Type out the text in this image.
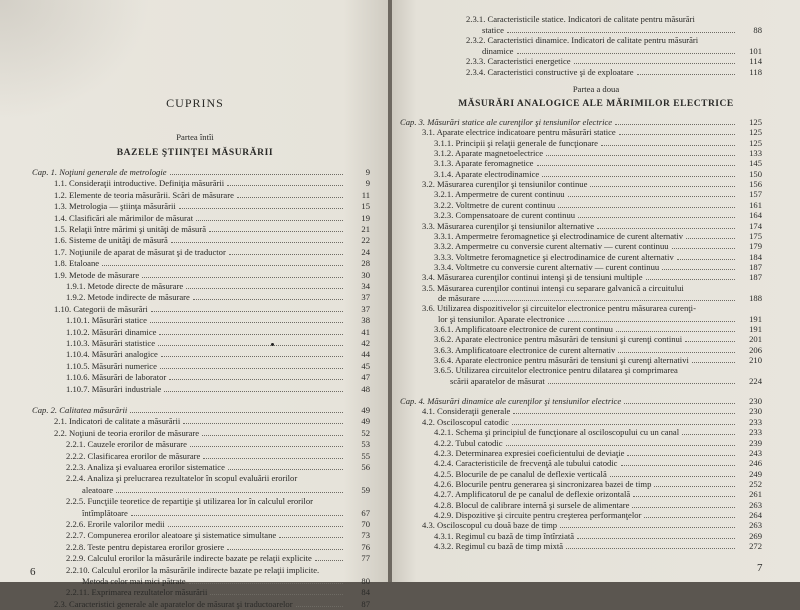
CUPRINS
Partea întîi
BAZELE ŞTIINŢEI MĂSURĂRII
Cap. 1. Noţiuni generale de metrologie	9
1.1. Consideraţii introductive. Definiţia măsurării	9
1.2. Elemente de teoria măsurării. Scări de măsurare	11
1.3. Metrologia — ştiinţa măsurării	15
1.4. Clasificări ale mărimilor de măsurat	19
1.5. Relaţii între mărimi şi unităţi de măsură	21
1.6. Sisteme de unităţi de măsură	22
1.7. Noţiunile de aparat de măsurat şi de traductor	24
1.8. Etaloane	28
1.9. Metode de măsurare	30
1.9.1. Metode directe de măsurare	34
1.9.2. Metode indirecte de măsurare	37
1.10. Categorii de măsurări	37
1.10.1. Măsurări statice	38
1.10.2. Măsurări dinamice	41
1.10.3. Măsurări statistice	42
1.10.4. Măsurări analogice	44
1.10.5. Măsurări numerice	45
1.10.6. Măsurări de laborator	47
1.10.7. Măsurări industriale	48
Cap. 2. Calitatea măsurării	49
2.1. Indicatori de calitate a măsurării	49
2.2. Noţiuni de teoria erorilor de măsurare	52
2.2.1. Cauzele erorilor de măsurare	53
2.2.2. Clasificarea erorilor de măsurare	55
2.2.3. Analiza şi evaluarea erorilor sistematice	56
2.2.4. Analiza şi prelucrarea rezultatelor în scopul evaluării erorilor
aleatoare	59
2.2.5. Funcţiile teoretice de repartiţie şi utilizarea lor în calculul erorilor
întîmplătoare	67
2.2.6. Erorile valorilor medii	70
2.2.7. Compunerea erorilor aleatoare şi sistematice simultane	73
2.2.8. Teste pentru depistarea erorilor grosiere	76
2.2.9. Calculul erorilor la măsurările indirecte bazate pe relaţii explicite	77
2.2.10. Calculul erorilor la măsurările indirecte bazate pe relaţii implicite.
Metoda celor mai mici pătrate	80
2.2.11. Exprimarea rezultatelor măsurării	84
2.3. Caracteristici generale ale aparatelor de măsurat şi traductoarelor	87
6
2.3.1. Caracteristicile statice. Indicatori de calitate pentru măsurări
statice	88
2.3.2. Caracteristici dinamice. Indicatori de calitate pentru măsurări
dinamice	101
2.3.3. Caracteristici energetice	114
2.3.4. Caracteristici constructive şi de exploatare	118
Partea a doua
MĂSURĂRI ANALOGICE ALE MĂRIMILOR ELECTRICE
Cap. 3. Măsurări statice ale curenţilor şi tensiunilor electrice	125
3.1. Aparate electrice indicatoare pentru măsurări statice	125
3.1.1. Principii şi relaţii generale de funcţionare	125
3.1.2. Aparate magnetoelectrice	133
3.1.3. Aparate feromagnetice	145
3.1.4. Aparate electrodinamice	150
3.2. Măsurarea curenţilor şi tensiunilor continue	156
3.2.1. Ampermetre de curent continuu	157
3.2.2. Voltmetre de curent continuu	161
3.2.3. Compensatoare de curent continuu	164
3.3. Măsurarea curenţilor şi tensiunilor alternative	174
3.3.1. Ampermetre feromagnetice şi electrodinamice de curent alternativ	175
3.3.2. Ampermetre cu conversie curent alternativ — curent continuu	179
3.3.3. Voltmetre feromagnetice şi electrodinamice de curent alternativ	184
3.3.4. Voltmetre cu conversie curent alternativ — curent continuu	187
3.4. Măsurarea curenţilor continui intenşi şi de tensiuni multiple	187
3.5. Măsurarea curenţilor continui intenşi cu separare galvanică a circuitului
de măsurare	188
3.6. Utilizarea dispozitivelor şi circuitelor electronice pentru măsurarea curenţi-
lor şi tensiunilor. Aparate electronice	191
3.6.1. Amplificatoare electronice de curent continuu	191
3.6.2. Aparate electronice pentru măsurări de tensiuni şi curenţi continui	201
3.6.3. Amplificatoare electronice de curent alternativ	206
3.6.4. Aparate electronice pentru măsurări de tensiuni şi curenţi alternativi	210
3.6.5. Utilizarea circuitelor electronice pentru dilatarea şi comprimarea
scării aparatelor de măsurat	224
Cap. 4. Măsurări dinamice ale curenţilor şi tensiunilor electrice	230
4.1. Consideraţii generale	230
4.2. Osciloscopul catodic	233
4.2.1. Schema şi principiul de funcţionare al osciloscopului cu un canal	233
4.2.2. Tubul catodic	239
4.2.3. Determinarea expresiei coeficientului de deviaţie	243
4.2.4. Caracteristicile de frecvenţă ale tubului catodic	246
4.2.5. Blocurile de pe canalul de deflexie verticală	249
4.2.6. Blocurile pentru generarea şi sincronizarea bazei de timp	252
4.2.7. Amplificatorul de pe canalul de deflexie orizontală	261
4.2.8. Blocul de calibrare internă şi sursele de alimentare	263
4.2.9. Dispozitive şi circuite pentru creşterea performanţelor	264
4.3. Osciloscopul cu două baze de timp	263
4.3.1. Regimul cu bază de timp întîrziată	269
4.3.2. Regimul cu bază de timp mixtă	272
7
